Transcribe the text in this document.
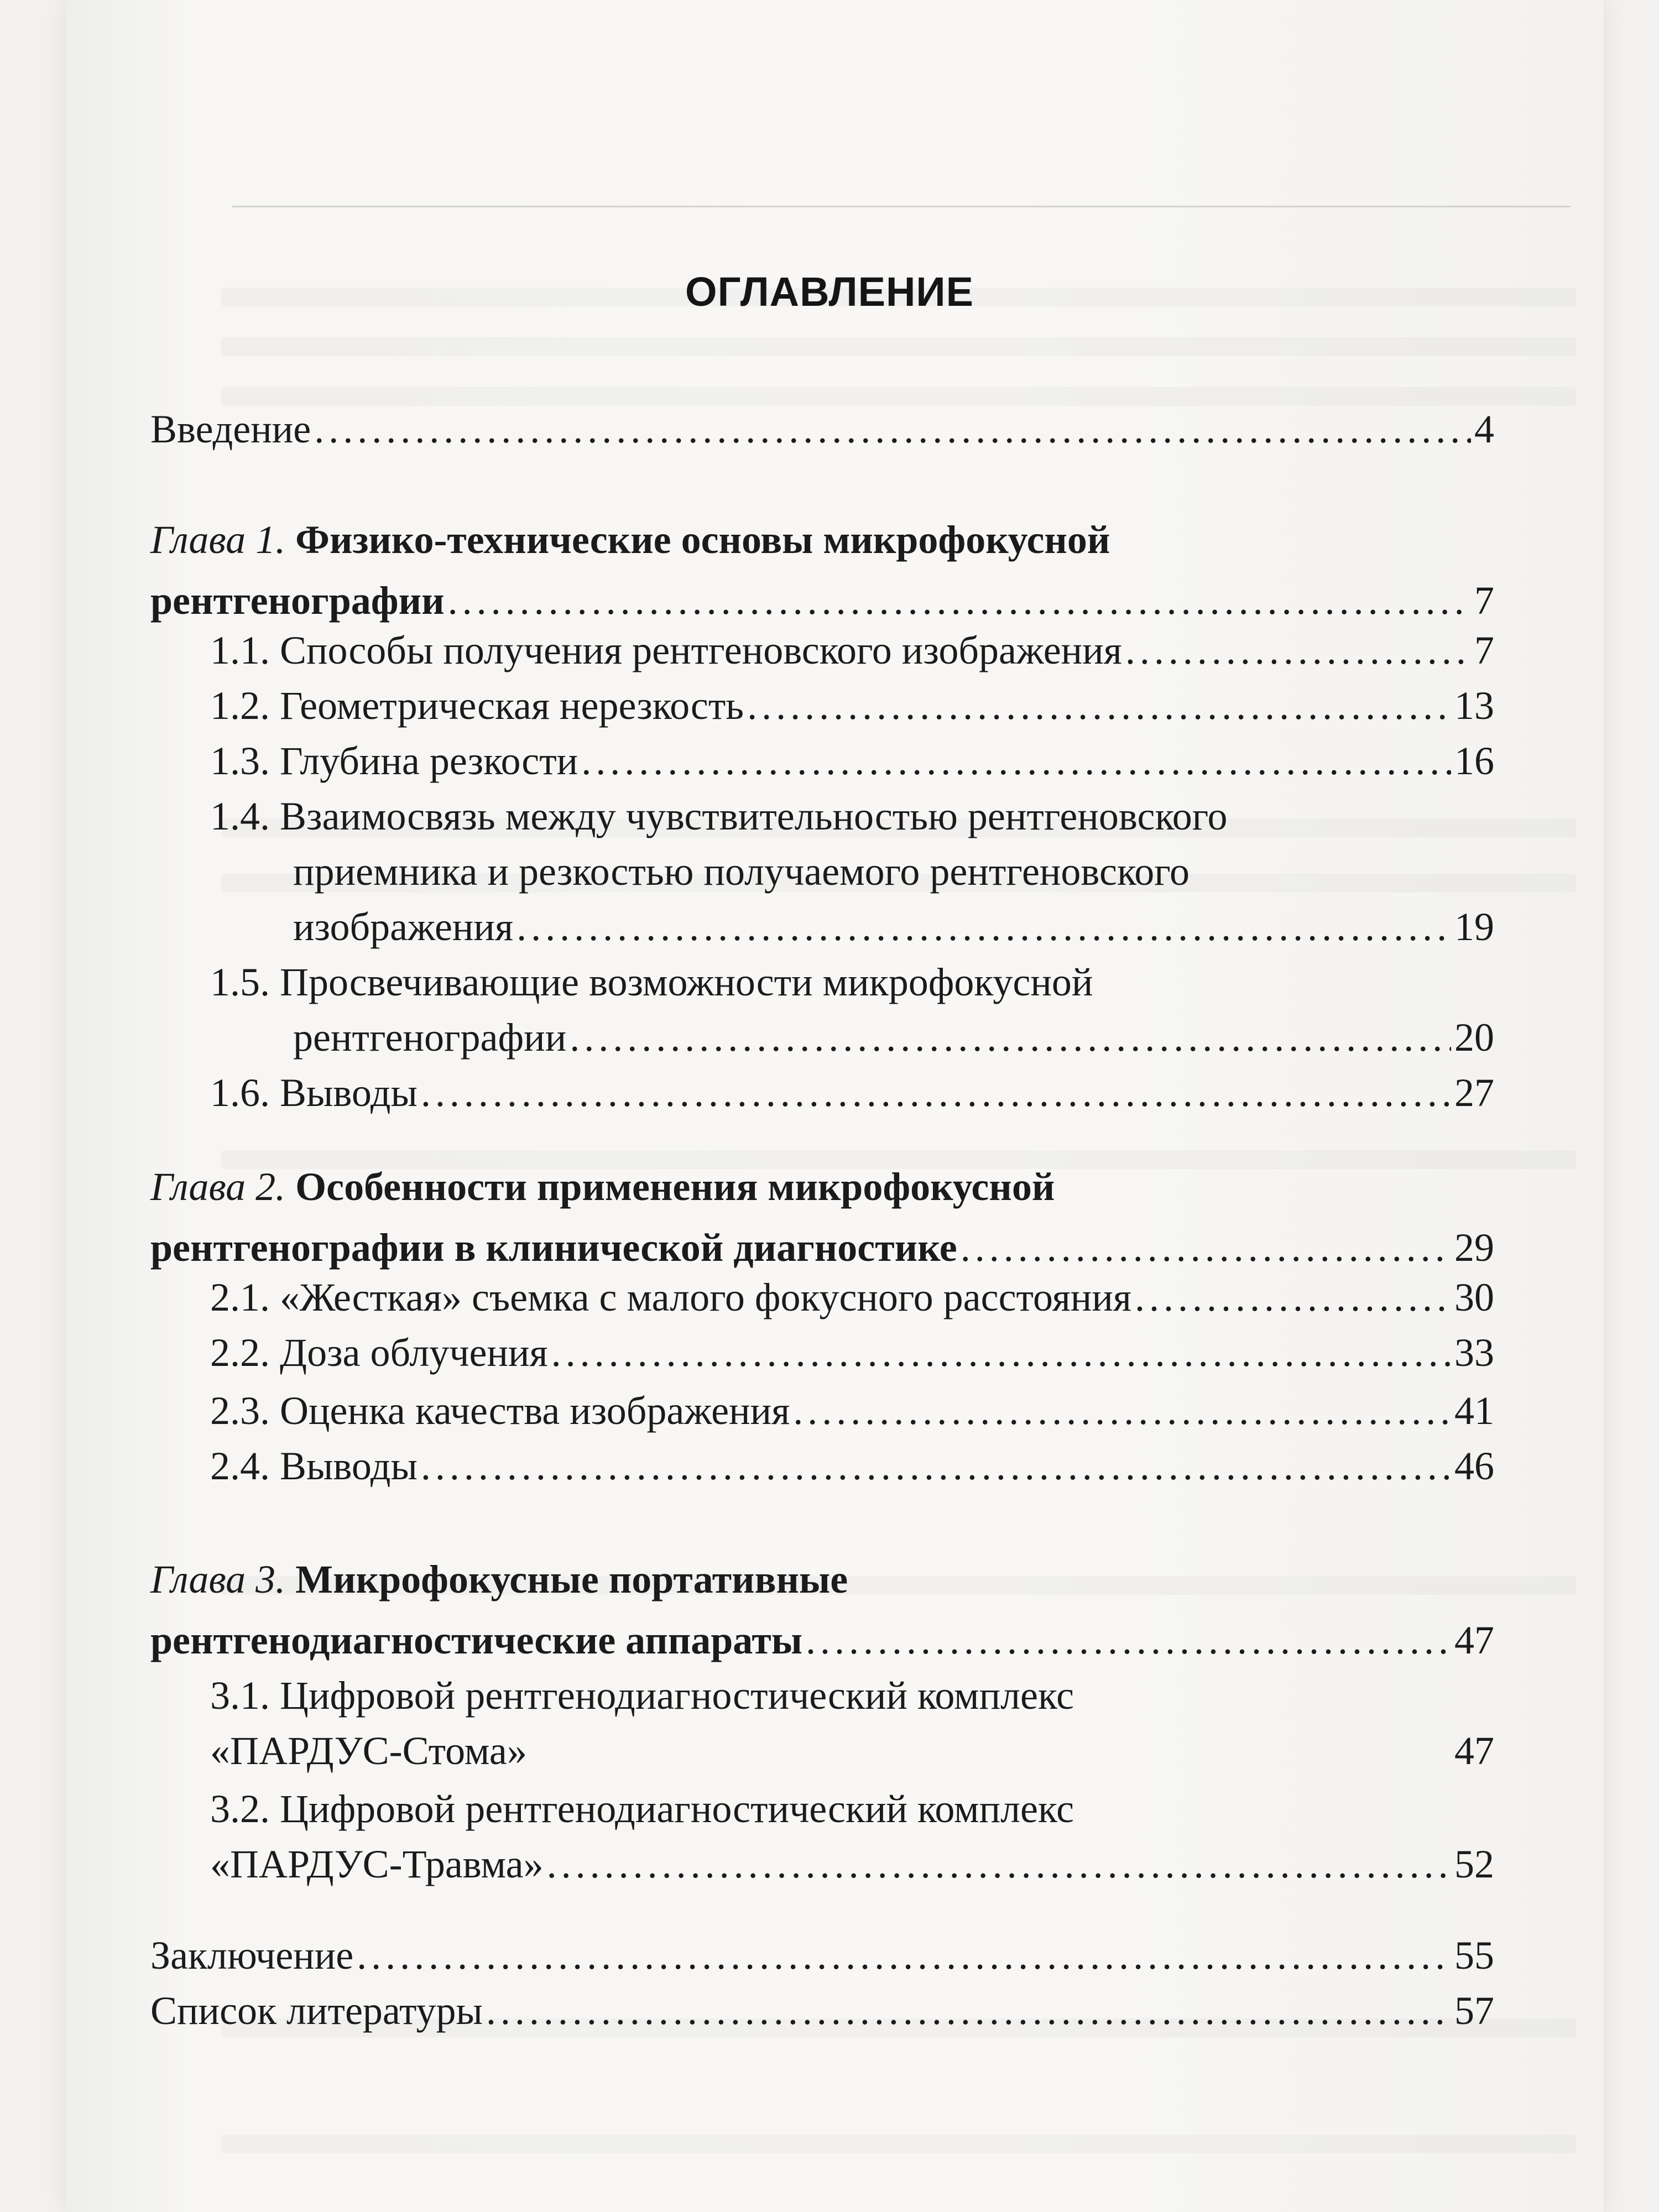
ОГЛАВЛЕНИЕ
Введение .....	4
Глава 1. Физико-технические основы микрофокусной
рентгенографии .....	7
1.1. Способы получения рентгеновского изображения .....	7
1.2. Геометрическая нерезкость .....	13
1.3. Глубина резкости .....	16
1.4. Взаимосвязь между чувствительностью рентгеновского
приемника и резкостью получаемого рентгеновского
изображения .....	19
1.5. Просвечивающие возможности микрофокусной
рентгенографии .....	20
1.6. Выводы .....	27
Глава 2. Особенности применения микрофокусной
рентгенографии в клинической диагностике .....	29
2.1. «Жесткая» съемка с малого фокусного расстояния .....	30
2.2. Доза облучения .....	33
2.3. Оценка качества изображения .....	41
2.4. Выводы .....	46
Глава 3. Микрофокусные портативные
рентгенодиагностические аппараты .....	47
3.1. Цифровой рентгенодиагностический комплекс
«ПАРДУС-Стома»	47
3.2. Цифровой рентгенодиагностический комплекс
«ПАРДУС-Травма» .....	52
Заключение .....	55
Список литературы .....	57
